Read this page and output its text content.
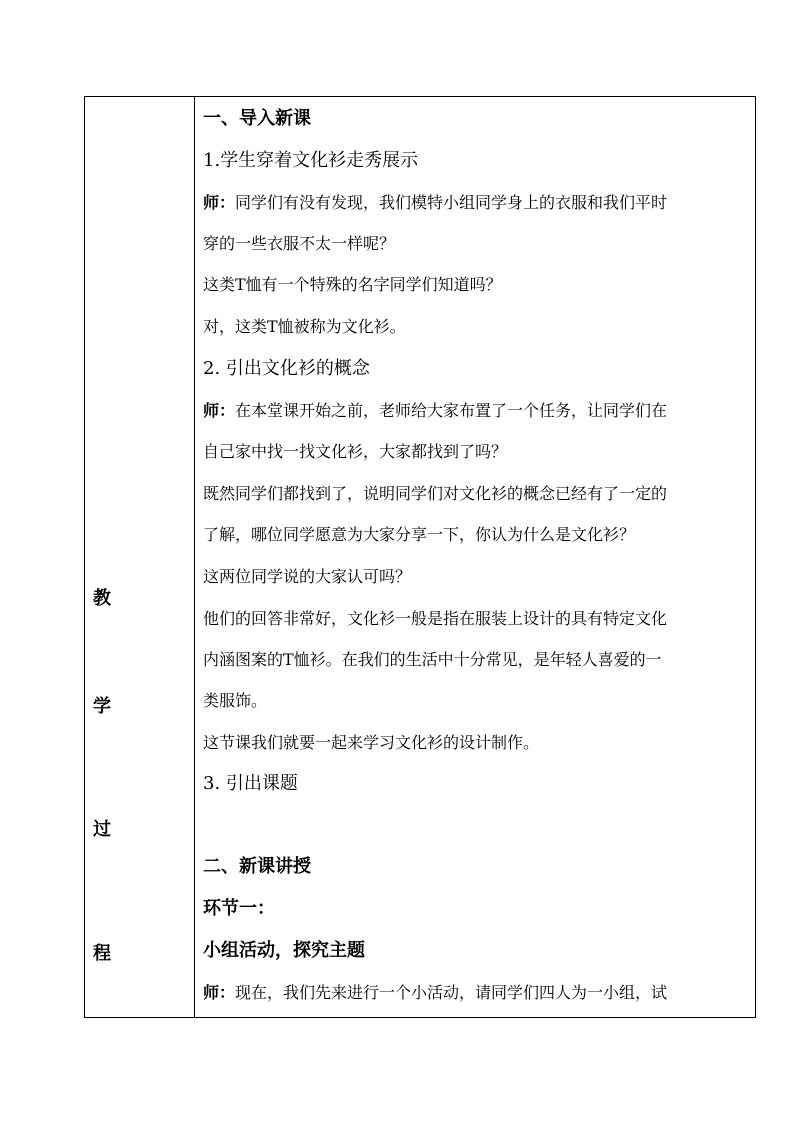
教
学
过
程
一、导入新课
1.学生穿着文化衫走秀展示
师：同学们有没有发现，我们模特小组同学身上的衣服和我们平时
穿的一些衣服不太一样呢？
这类T恤有一个特殊的名字同学们知道吗？
对，这类T恤被称为文化衫。
2. 引出文化衫的概念
师：在本堂课开始之前，老师给大家布置了一个任务，让同学们在
自己家中找一找文化衫，大家都找到了吗？
既然同学们都找到了，说明同学们对文化衫的概念已经有了一定的
了解，哪位同学愿意为大家分享一下，你认为什么是文化衫？
这两位同学说的大家认可吗？
他们的回答非常好，文化衫一般是指在服装上设计的具有特定文化
内涵图案的T恤衫。在我们的生活中十分常见，是年轻人喜爱的一
类服饰。
这节课我们就要一起来学习文化衫的设计制作。
3. 引出课题
二、新课讲授
环节一：
小组活动，探究主题
师：现在，我们先来进行一个小活动，请同学们四人为一小组，试
